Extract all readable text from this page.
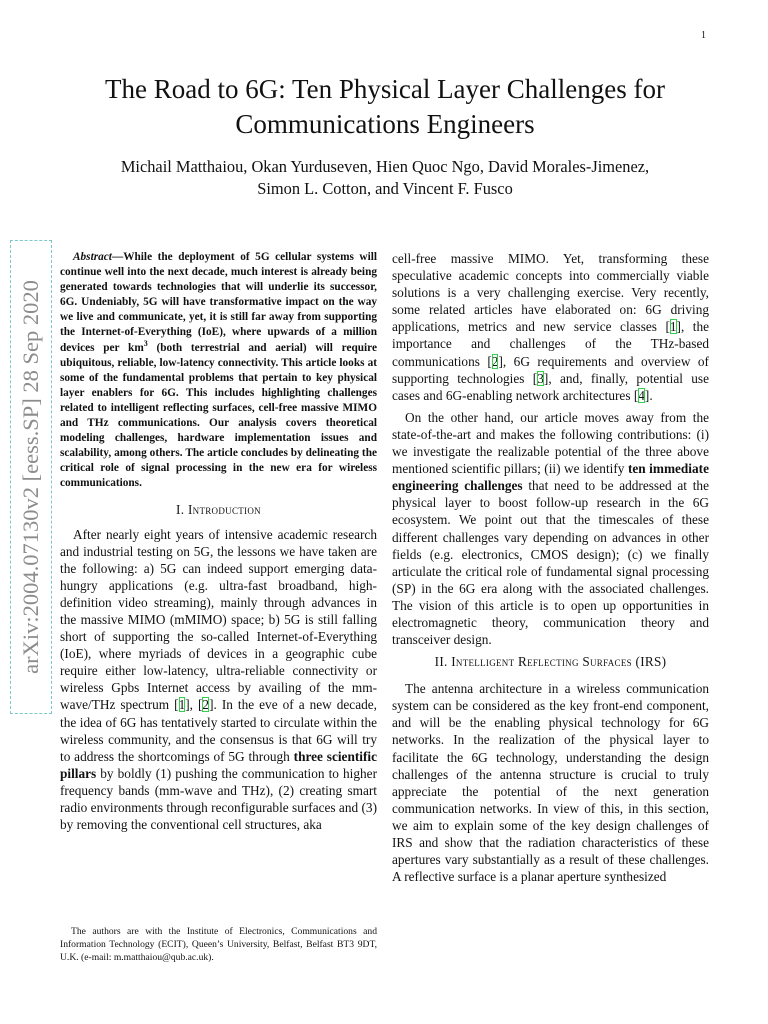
1
The Road to 6G: Ten Physical Layer Challenges for Communications Engineers
Michail Matthaiou, Okan Yurduseven, Hien Quoc Ngo, David Morales-Jimenez,
Simon L. Cotton, and Vincent F. Fusco
arXiv:2004.07130v2 [eess.SP] 28 Sep 2020

Abstract—While the deployment of 5G cellular systems will continue well into the next decade, much interest is already being generated towards technologies that will underlie its successor, 6G. Undeniably, 5G will have transformative impact on the way we live and communicate, yet, it is still far away from supporting the Internet-of-Everything (IoE), where upwards of a million devices per $km^3$ (both terrestrial and aerial) will require ubiquitous, reliable, low-latency connectivity. This article looks at some of the fundamental problems that pertain to key physical layer enablers for 6G. This includes highlighting challenges related to intelligent reflecting surfaces, cell-free massive MIMO and THz communications. Our analysis covers theoretical modeling challenges, hardware implementation issues and scalability, among others. The article concludes by delineating the critical role of signal processing in the new era for wireless communications.

I. Introduction

After nearly eight years of intensive academic research and industrial testing on 5G, the lessons we have taken are the following: a) 5G can indeed support emerging data-hungry applications (e.g. ultra-fast broadband, high-definition video streaming), mainly through advances in the massive MIMO (mMIMO) space; b) 5G is still falling short of supporting the so-called Internet-of-Everything (IoE), where myriads of devices in a geographic cube require either low-latency, ultra-reliable connectivity or wireless Gpbs Internet access by availing of the mm-wave/THz spectrum [1], [2]. In the eve of a new decade, the idea of 6G has tentatively started to circulate within the wireless community, and the consensus is that 6G will try to address the shortcomings of 5G through three scientific pillars by boldly (1) pushing the communication to higher frequency bands (mm-wave and THz), (2) creating smart radio environments through reconfigurable surfaces and (3) by removing the conventional cell structures, aka

The authors are with the Institute of Electronics, Communications and Information Technology (ECIT), Queen’s University, Belfast, Belfast BT3 9DT, U.K. (e-mail: m.matthaiou@qub.ac.uk).

cell-free massive MIMO. Yet, transforming these speculative academic concepts into commercially viable solutions is a very challenging exercise. Very recently, some related articles have elaborated on: 6G driving applications, metrics and new service classes [1], the importance and challenges of the THz-based communications [2], 6G requirements and overview of supporting technologies [3], and, finally, potential use cases and 6G-enabling network architectures [4].

On the other hand, our article moves away from the state-of-the-art and makes the following contributions: (i) we investigate the realizable potential of the three above mentioned scientific pillars; (ii) we identify ten immediate engineering challenges that need to be addressed at the physical layer to boost follow-up research in the 6G ecosystem. We point out that the timescales of these different challenges vary depending on advances in other fields (e.g. electronics, CMOS design); (c) we finally articulate the critical role of fundamental signal processing (SP) in the 6G era along with the associated challenges. The vision of this article is to open up opportunities in electromagnetic theory, communication theory and transceiver design.

II. Intelligent Reflecting Surfaces (IRS)

The antenna architecture in a wireless communication system can be considered as the key front-end component, and will be the enabling physical technology for 6G networks. In the realization of the physical layer to facilitate the 6G technology, understanding the design challenges of the antenna structure is crucial to truly appreciate the potential of the next generation communication networks. In view of this, in this section, we aim to explain some of the key design challenges of IRS and show that the radiation characteristics of these apertures vary substantially as a result of these challenges. A reflective surface is a planar aperture synthesized
